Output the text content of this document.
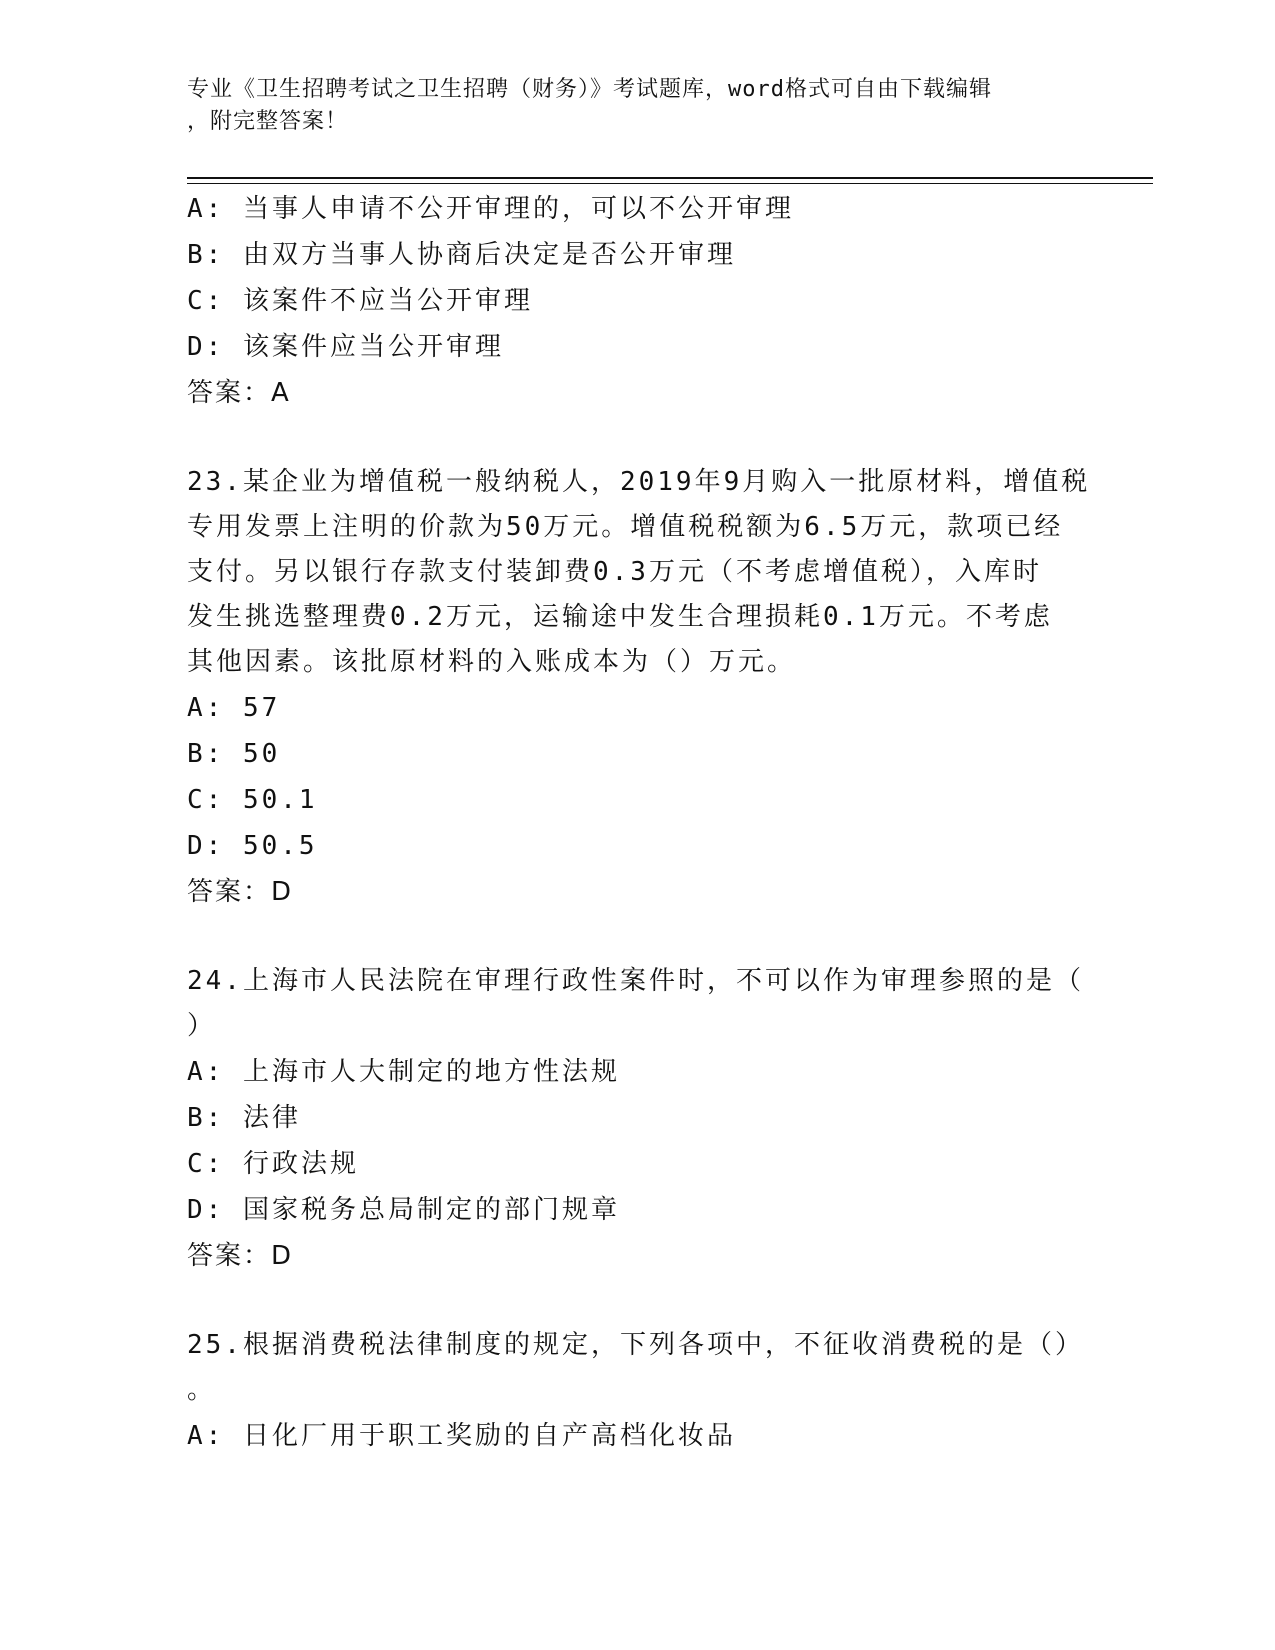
专业《卫生招聘考试之卫生招聘（财务）》考试题库，word格式可自由下载编辑
，附完整答案！
A: 当事人申请不公开审理的，可以不公开审理
B: 由双方当事人协商后决定是否公开审理
C: 该案件不应当公开审理
D: 该案件应当公开审理
答案：A
23.某企业为增值税一般纳税人，2019年9月购入一批原材料，增值税
专用发票上注明的价款为50万元。增值税税额为6.5万元，款项已经
支付。另以银行存款支付装卸费0.3万元（不考虑增值税），入库时
发生挑选整理费0.2万元，运输途中发生合理损耗0.1万元。不考虑
其他因素。该批原材料的入账成本为（）万元。
A: 57
B: 50
C: 50.1
D: 50.5
答案：D
24.上海市人民法院在审理行政性案件时，不可以作为审理参照的是（
）
A: 上海市人大制定的地方性法规
B: 法律
C: 行政法规
D: 国家税务总局制定的部门规章
答案：D
25.根据消费税法律制度的规定，下列各项中，不征收消费税的是（）
。
A: 日化厂用于职工奖励的自产高档化妆品
